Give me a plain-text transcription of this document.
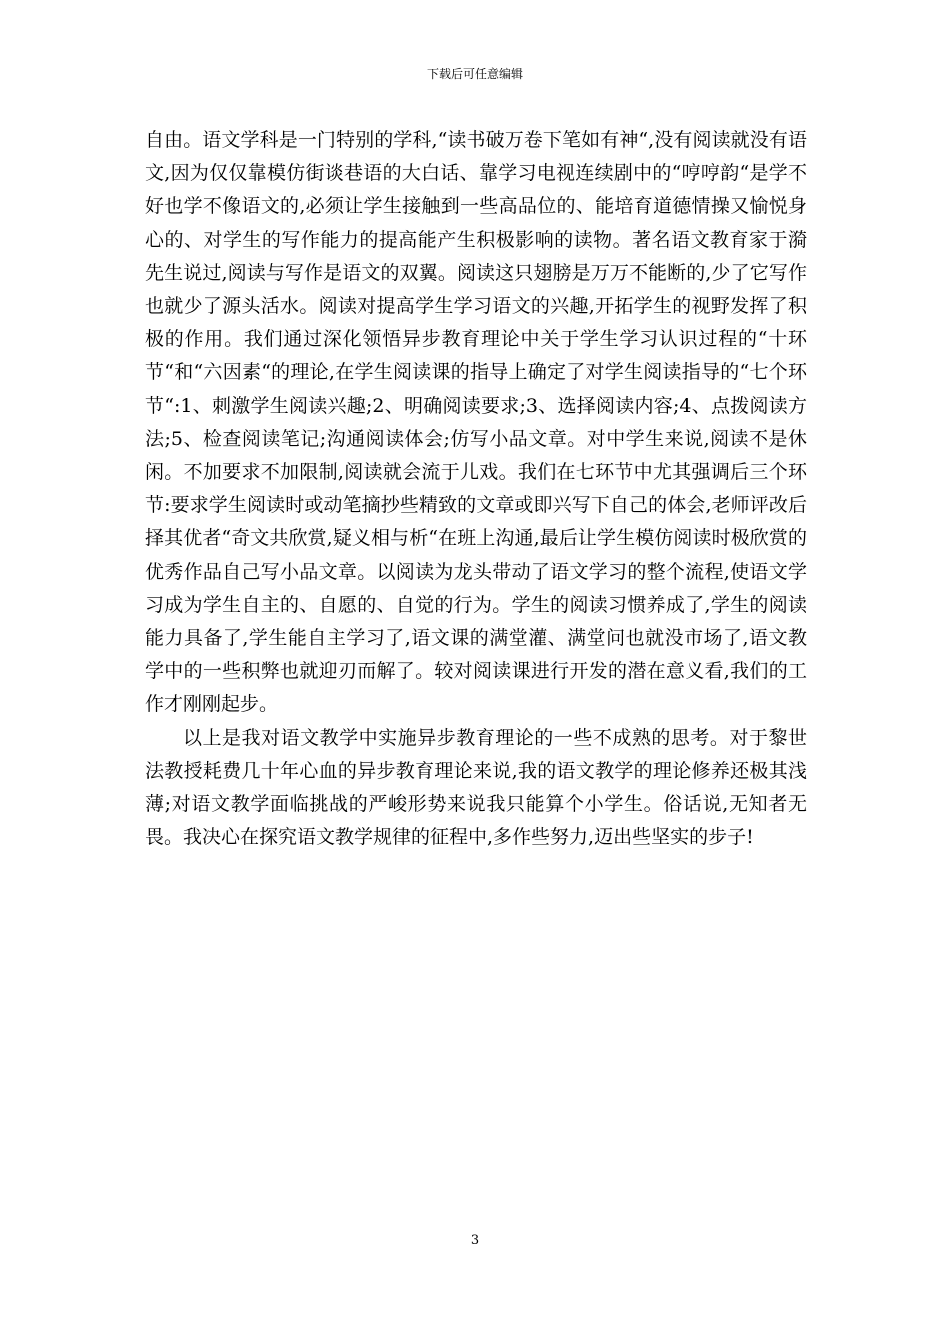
下载后可任意编辑

自由。语文学科是一门特别的学科,“读书破万卷下笔如有神“,没有阅读就没有语文,因为仅仅靠模仿街谈巷语的大白话、靠学习电视连续剧中的“哼哼韵“是学不好也学不像语文的,必须让学生接触到一些高品位的、能培育道德情操又愉悦身心的、对学生的写作能力的提高能产生积极影响的读物。著名语文教育家于漪先生说过,阅读与写作是语文的双翼。阅读这只翅膀是万万不能断的,少了它写作也就少了源头活水。阅读对提高学生学习语文的兴趣,开拓学生的视野发挥了积极的作用。我们通过深化领悟异步教育理论中关于学生学习认识过程的“十环节“和“六因素“的理论,在学生阅读课的指导上确定了对学生阅读指导的“七个环节“:1、刺激学生阅读兴趣;2、明确阅读要求;3、选择阅读内容;4、点拨阅读方法;5、检查阅读笔记;沟通阅读体会;仿写小品文章。对中学生来说,阅读不是休闲。不加要求不加限制,阅读就会流于儿戏。我们在七环节中尤其强调后三个环节:要求学生阅读时或动笔摘抄些精致的文章或即兴写下自己的体会,老师评改后择其优者“奇文共欣赏,疑义相与析“在班上沟通,最后让学生模仿阅读时极欣赏的优秀作品自己写小品文章。以阅读为龙头带动了语文学习的整个流程,使语文学习成为学生自主的、自愿的、自觉的行为。学生的阅读习惯养成了,学生的阅读能力具备了,学生能自主学习了,语文课的满堂灌、满堂问也就没市场了,语文教学中的一些积弊也就迎刃而解了。较对阅读课进行开发的潜在意义看,我们的工作才刚刚起步。

以上是我对语文教学中实施异步教育理论的一些不成熟的思考。对于黎世法教授耗费几十年心血的异步教育理论来说,我的语文教学的理论修养还极其浅薄;对语文教学面临挑战的严峻形势来说我只能算个小学生。俗话说,无知者无畏。我决心在探究语文教学规律的征程中,多作些努力,迈出些坚实的步子!

3
